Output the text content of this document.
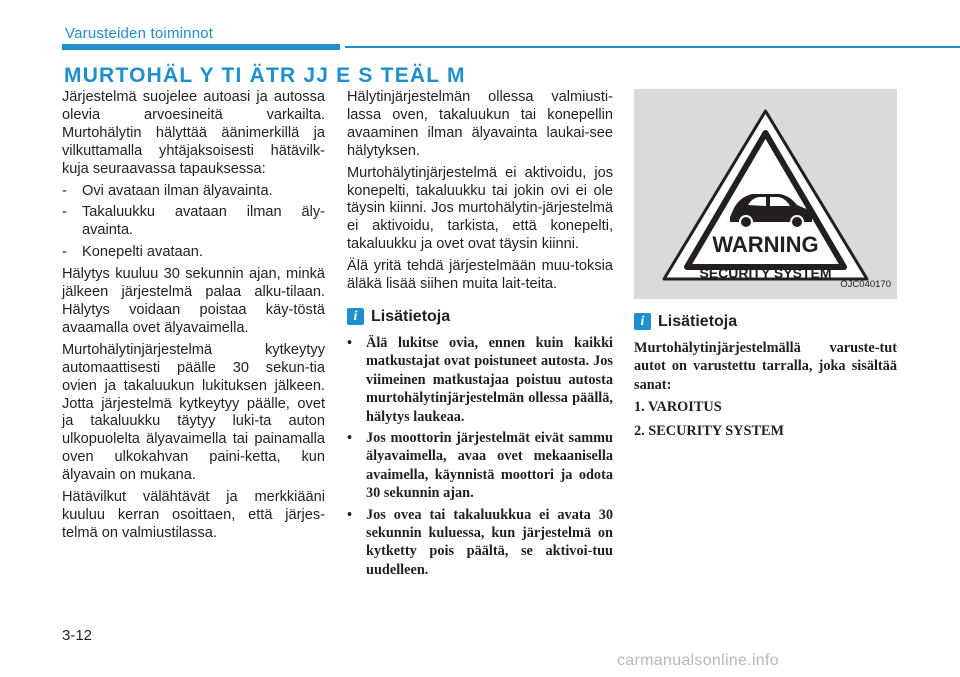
Varusteiden toiminnot
MURTOHÄL Y TI ÄTR JJ E S TEÄL M

Järjestelmä suojelee autoasi ja autossa olevia arvoesineitä varkailta. Murtohälytin hälyttää äänimerkillä ja vilkuttamalla yhtäjaksoisesti hätävilk-kuja seuraavassa tapauksessa:

- Ovi avataan ilman älyavainta.
- Takaluukku avataan ilman äly-avainta.
- Konepelti avataan.

Hälytys kuuluu 30 sekunnin ajan, minkä jälkeen järjestelmä palaa alku-tilaan. Hälytys voidaan poistaa käy-töstä avaamalla ovet älyavaimella.

Murtohälytinjärjestelmä kytkeytyy automaattisesti päälle 30 sekun-tia ovien ja takaluukun lukituksen jälkeen. Jotta järjestelmä kytkeytyy päälle, ovet ja takaluukku täytyy luki-ta auton ulkopuolelta älyavaimella tai painamalla oven ulkokahvan paini-ketta, kun älyavain on mukana.

Hätävilkut välähtävät ja merkkiääni kuuluu kerran osoittaen, että järjes-telmä on valmiustilassa.

Hälytinjärjestelmän ollessa valmiusti-lassa oven, takaluukun tai konepellin avaaminen ilman älyavainta laukai-see hälytyksen.

Murtohälytinjärjestelmä ei aktivoidu, jos konepelti, takaluukku tai jokin ovi ei ole täysin kiinni. Jos murtohälytin-järjestelmä ei aktivoidu, tarkista, että konepelti, takaluukku ja ovet ovat täysin kiinni.

Älä yritä tehdä järjestelmään muu-toksia äläkä lisää siihen muita lait-teita.

i Lisätietoja
• Älä lukitse ovia, ennen kuin kaikki matkustajat ovat poistuneet autosta. Jos viimeinen matkustajaa poistuu autosta murtohälytinjärjestelmän ollessa päällä, hälytys laukeaa.
• Jos moottorin järjestelmät eivät sammu älyavaimella, avaa ovet mekaanisella avaimella, käynnistä moottori ja odota 30 sekunnin ajan.
• Jos ovea tai takaluukkua ei avata 30 sekunnin kuluessa, kun järjestelmä on kytketty pois päältä, se aktivoi-tuu uudelleen.
WARNING
SECURITY SYSTEM
OJC040170
i Lisätietoja

Murtohälytinjärjestelmällä varuste-tut autot on varustettu tarralla, joka sisältää sanat:

1. VAROITUS

2. SECURITY SYSTEM

3-12
carmanualsonline.info
